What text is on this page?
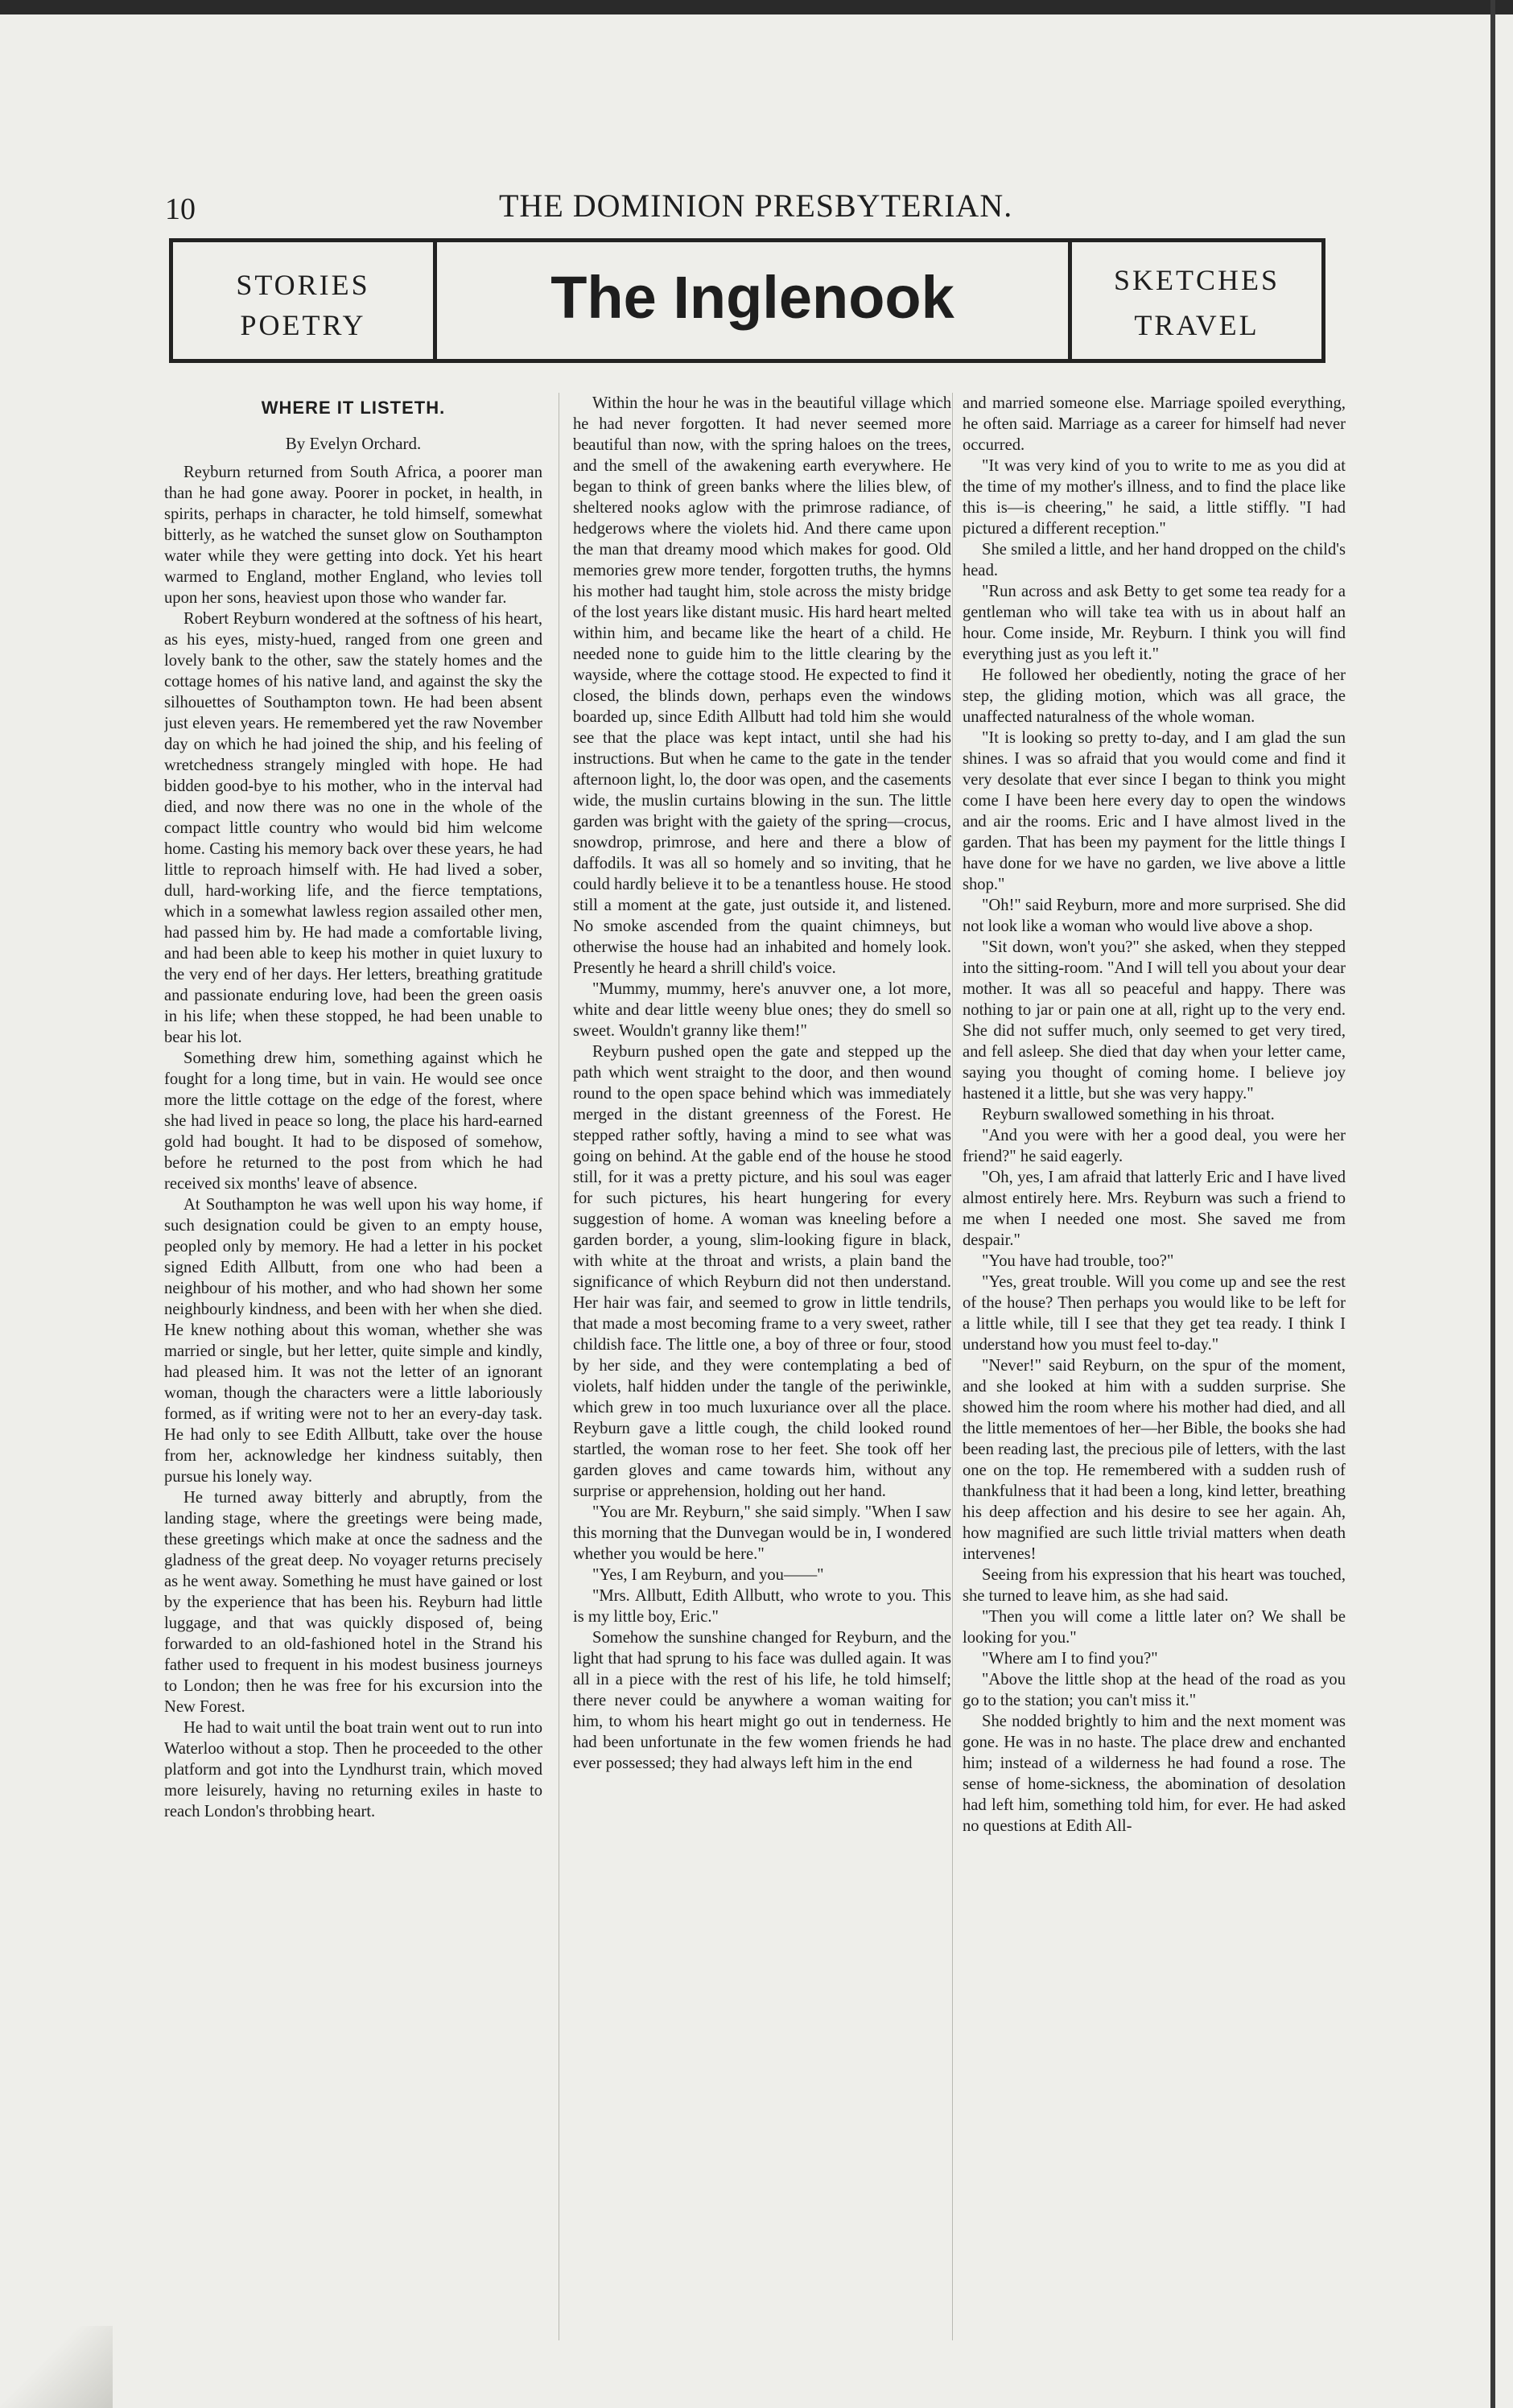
10	THE DOMINION PRESBYTERIAN.
STORIES
POETRY	The Inglenook	SKETCHES
TRAVEL
WHERE IT LISTETH.
By Evelyn Orchard.

Reyburn returned from South Africa, a poorer man than he had gone away. Poorer in pocket, in health, in spirits, perhaps in character, he told himself, somewhat bitterly, as he watched the sunset glow on Southampton water while they were getting into dock. Yet his heart warmed to England, mother England, who levies toll upon her sons, heaviest upon those who wander far.

Robert Reyburn wondered at the softness of his heart, as his eyes, misty-hued, ranged from one green and lovely bank to the other, saw the stately homes and the cottage homes of his native land, and against the sky the silhouettes of Southampton town. He had been absent just eleven years. He remembered yet the raw November day on which he had joined the ship, and his feeling of wretchedness strangely mingled with hope. He had bidden good-bye to his mother, who in the interval had died, and now there was no one in the whole of the compact little country who would bid him welcome home. Casting his memory back over these years, he had little to reproach himself with. He had lived a sober, dull, hard-working life, and the fierce temptations, which in a somewhat lawless region assailed other men, had passed him by. He had made a comfortable living, and had been able to keep his mother in quiet luxury to the very end of her days. Her letters, breathing gratitude and passionate enduring love, had been the green oasis in his life; when these stopped, he had been unable to bear his lot.

Something drew him, something against which he fought for a long time, but in vain. He would see once more the little cottage on the edge of the forest, where she had lived in peace so long, the place his hard-earned gold had bought. It had to be disposed of somehow, before he returned to the post from which he had received six months' leave of absence.

At Southampton he was well upon his way home, if such designation could be given to an empty house, peopled only by memory. He had a letter in his pocket signed Edith Allbutt, from one who had been a neighbour of his mother, and who had shown her some neighbourly kindness, and been with her when she died. He knew nothing about this woman, whether she was married or single, but her letter, quite simple and kindly, had pleased him. It was not the letter of an ignorant woman, though the characters were a little laboriously formed, as if writing were not to her an every-day task. He had only to see Edith Allbutt, take over the house from her, acknowledge her kindness suitably, then pursue his lonely way.

He turned away bitterly and abruptly, from the landing stage, where the greetings were being made, these greetings which make at once the sadness and the gladness of the great deep. No voyager returns precisely as he went away. Something he must have gained or lost by the experience that has been his. Reyburn had little luggage, and that was quickly disposed of, being forwarded to an old-fashioned hotel in the Strand his father used to frequent in his modest business journeys to London; then he was free for his excursion into the New Forest.

He had to wait until the boat train went out to run into Waterloo without a stop. Then he proceeded to the other platform and got into the Lyndhurst train, which moved more leisurely, having no returning exiles in haste to reach London's throbbing heart.

Within the hour he was in the beautiful village which he had never forgotten. It had never seemed more beautiful than now, with the spring haloes on the trees, and the smell of the awakening earth everywhere. He began to think of green banks where the lilies blew, of sheltered nooks aglow with the primrose radiance, of hedgerows where the violets hid. And there came upon the man that dreamy mood which makes for good. Old memories grew more tender, forgotten truths, the hymns his mother had taught him, stole across the misty bridge of the lost years like distant music. His hard heart melted within him, and became like the heart of a child. He needed none to guide him to the little clearing by the wayside, where the cottage stood. He expected to find it closed, the blinds down, perhaps even the windows boarded up, since Edith Allbutt had told him she would see that the place was kept intact, until she had his instructions. But when he came to the gate in the tender afternoon light, lo, the door was open, and the casements wide, the muslin curtains blowing in the sun. The little garden was bright with the gaiety of the spring—crocus, snowdrop, primrose, and here and there a blow of daffodils. It was all so homely and so inviting, that he could hardly believe it to be a tenantless house. He stood still a moment at the gate, just outside it, and listened. No smoke ascended from the quaint chimneys, but otherwise the house had an inhabited and homely look. Presently he heard a shrill child's voice.

"Mummy, mummy, here's anuvver one, a lot more, white and dear little weeny blue ones; they do smell so sweet. Wouldn't granny like them!"

Reyburn pushed open the gate and stepped up the path which went straight to the door, and then wound round to the open space behind which was immediately merged in the distant greenness of the Forest. He stepped rather softly, having a mind to see what was going on behind. At the gable end of the house he stood still, for it was a pretty picture, and his soul was eager for such pictures, his heart hungering for every suggestion of home. A woman was kneeling before a garden border, a young, slim-looking figure in black, with white at the throat and wrists, a plain band the significance of which Reyburn did not then understand. Her hair was fair, and seemed to grow in little tendrils, that made a most becoming frame to a very sweet, rather childish face. The little one, a boy of three or four, stood by her side, and they were contemplating a bed of violets, half hidden under the tangle of the periwinkle, which grew in too much luxuriance over all the place. Reyburn gave a little cough, the child looked round startled, the woman rose to her feet. She took off her garden gloves and came towards him, without any surprise or apprehension, holding out her hand.

"You are Mr. Reyburn," she said simply. "When I saw this morning that the Dunvegan would be in, I wondered whether you would be here."

"Yes, I am Reyburn, and you——"

"Mrs. Allbutt, Edith Allbutt, who wrote to you. This is my little boy, Eric."

Somehow the sunshine changed for Reyburn, and the light that had sprung to his face was dulled again. It was all in a piece with the rest of his life, he told himself; there never could be anywhere a woman waiting for him, to whom his heart might go out in tenderness. He had been unfortunate in the few women friends he had ever possessed; they had always left him in the end

and married someone else. Marriage spoiled everything, he often said. Marriage as a career for himself had never occurred.

"It was very kind of you to write to me as you did at the time of my mother's illness, and to find the place like this is—is cheering," he said, a little stiffly. "I had pictured a different reception."

She smiled a little, and her hand dropped on the child's head.

"Run across and ask Betty to get some tea ready for a gentleman who will take tea with us in about half an hour. Come inside, Mr. Reyburn. I think you will find everything just as you left it."

He followed her obediently, noting the grace of her step, the gliding motion, which was all grace, the unaffected naturalness of the whole woman.

"It is looking so pretty to-day, and I am glad the sun shines. I was so afraid that you would come and find it very desolate that ever since I began to think you might come I have been here every day to open the windows and air the rooms. Eric and I have almost lived in the garden. That has been my payment for the little things I have done for we have no garden, we live above a little shop."

"Oh!" said Reyburn, more and more surprised. She did not look like a woman who would live above a shop.

"Sit down, won't you?" she asked, when they stepped into the sitting-room. "And I will tell you about your dear mother. It was all so peaceful and happy. There was nothing to jar or pain one at all, right up to the very end. She did not suffer much, only seemed to get very tired, and fell asleep. She died that day when your letter came, saying you thought of coming home. I believe joy hastened it a little, but she was very happy."

Reyburn swallowed something in his throat.

"And you were with her a good deal, you were her friend?" he said eagerly.

"Oh, yes, I am afraid that latterly Eric and I have lived almost entirely here. Mrs. Reyburn was such a friend to me when I needed one most. She saved me from despair."

"You have had trouble, too?"

"Yes, great trouble. Will you come up and see the rest of the house? Then perhaps you would like to be left for a little while, till I see that they get tea ready. I think I understand how you must feel to-day."

"Never!" said Reyburn, on the spur of the moment, and she looked at him with a sudden surprise. She showed him the room where his mother had died, and all the little mementoes of her—her Bible, the books she had been reading last, the precious pile of letters, with the last one on the top. He remembered with a sudden rush of thankfulness that it had been a long, kind letter, breathing his deep affection and his desire to see her again. Ah, how magnified are such little trivial matters when death intervenes!

Seeing from his expression that his heart was touched, she turned to leave him, as she had said.

"Then you will come a little later on? We shall be looking for you."

"Where am I to find you?"

"Above the little shop at the head of the road as you go to the station; you can't miss it."

She nodded brightly to him and the next moment was gone. He was in no haste. The place drew and enchanted him; instead of a wilderness he had found a rose. The sense of home-sickness, the abomination of desolation had left him, something told him, for ever. He had asked no questions at Edith All-
